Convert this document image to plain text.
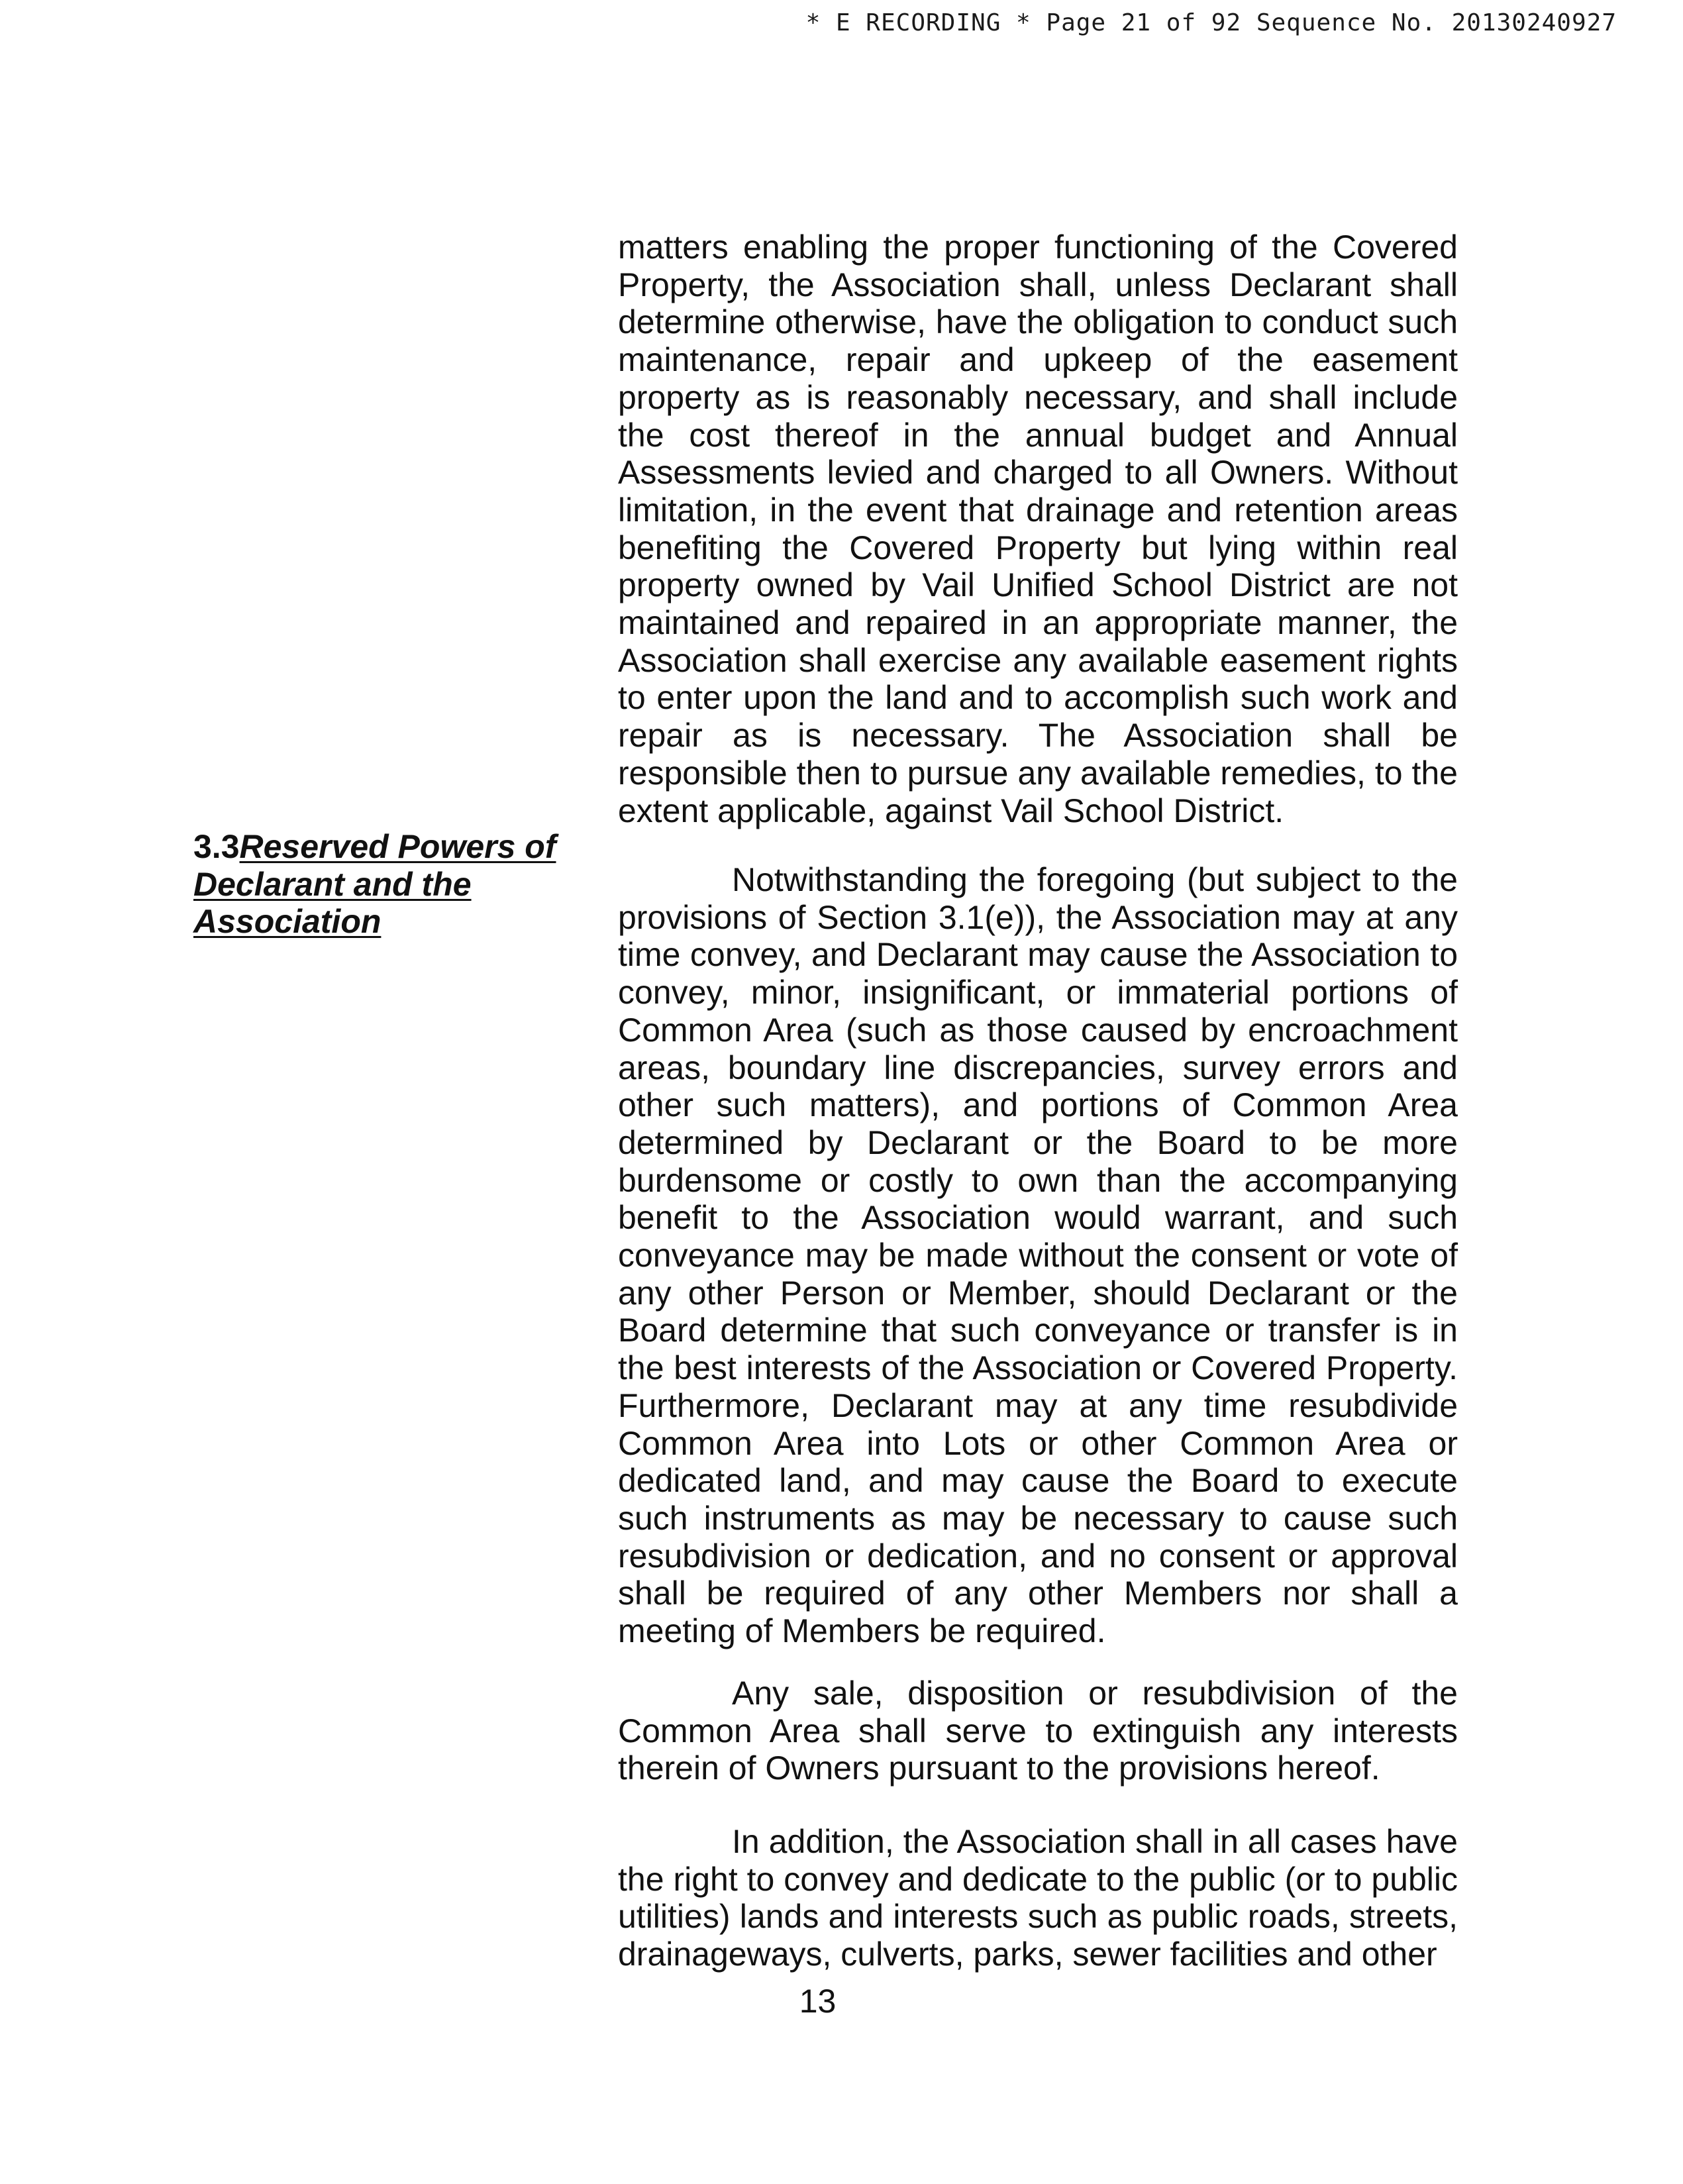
* E RECORDING * Page 21 of 92 Sequence No. 20130240927

matters enabling the proper functioning of the Covered Property, the Association shall, unless Declarant shall determine otherwise, have the obligation to conduct such maintenance, repair and upkeep of the easement property as is reasonably necessary, and shall include the cost thereof in the annual budget and Annual Assessments levied and charged to all Owners. Without limitation, in the event that drainage and retention areas benefiting the Covered Property but lying within real property owned by Vail Unified School District are not maintained and repaired in an appropriate manner, the Association shall exercise any available easement rights to enter upon the land and to accomplish such work and repair as is necessary. The Association shall be responsible then to pursue any available remedies, to the extent applicable, against Vail School District.

3.3Reserved Powers of Declarant and the Association

Notwithstanding the foregoing (but subject to the provisions of Section 3.1(e)), the Association may at any time convey, and Declarant may cause the Association to convey, minor, insignificant, or immaterial portions of Common Area (such as those caused by encroachment areas, boundary line discrepancies, survey errors and other such matters), and portions of Common Area determined by Declarant or the Board to be more burdensome or costly to own than the accompanying benefit to the Association would warrant, and such conveyance may be made without the consent or vote of any other Person or Member, should Declarant or the Board determine that such conveyance or transfer is in the best interests of the Association or Covered Property. Furthermore, Declarant may at any time resubdivide Common Area into Lots or other Common Area or dedicated land, and may cause the Board to execute such instruments as may be necessary to cause such resubdivision or dedication, and no consent or approval shall be required of any other Members nor shall a meeting of Members be required.

Any sale, disposition or resubdivision of the Common Area shall serve to extinguish any interests therein of Owners pursuant to the provisions hereof.

In addition, the Association shall in all cases have the right to convey and dedicate to the public (or to public utilities) lands and interests such as public roads, streets, drainageways, culverts, parks, sewer facilities and other

13
